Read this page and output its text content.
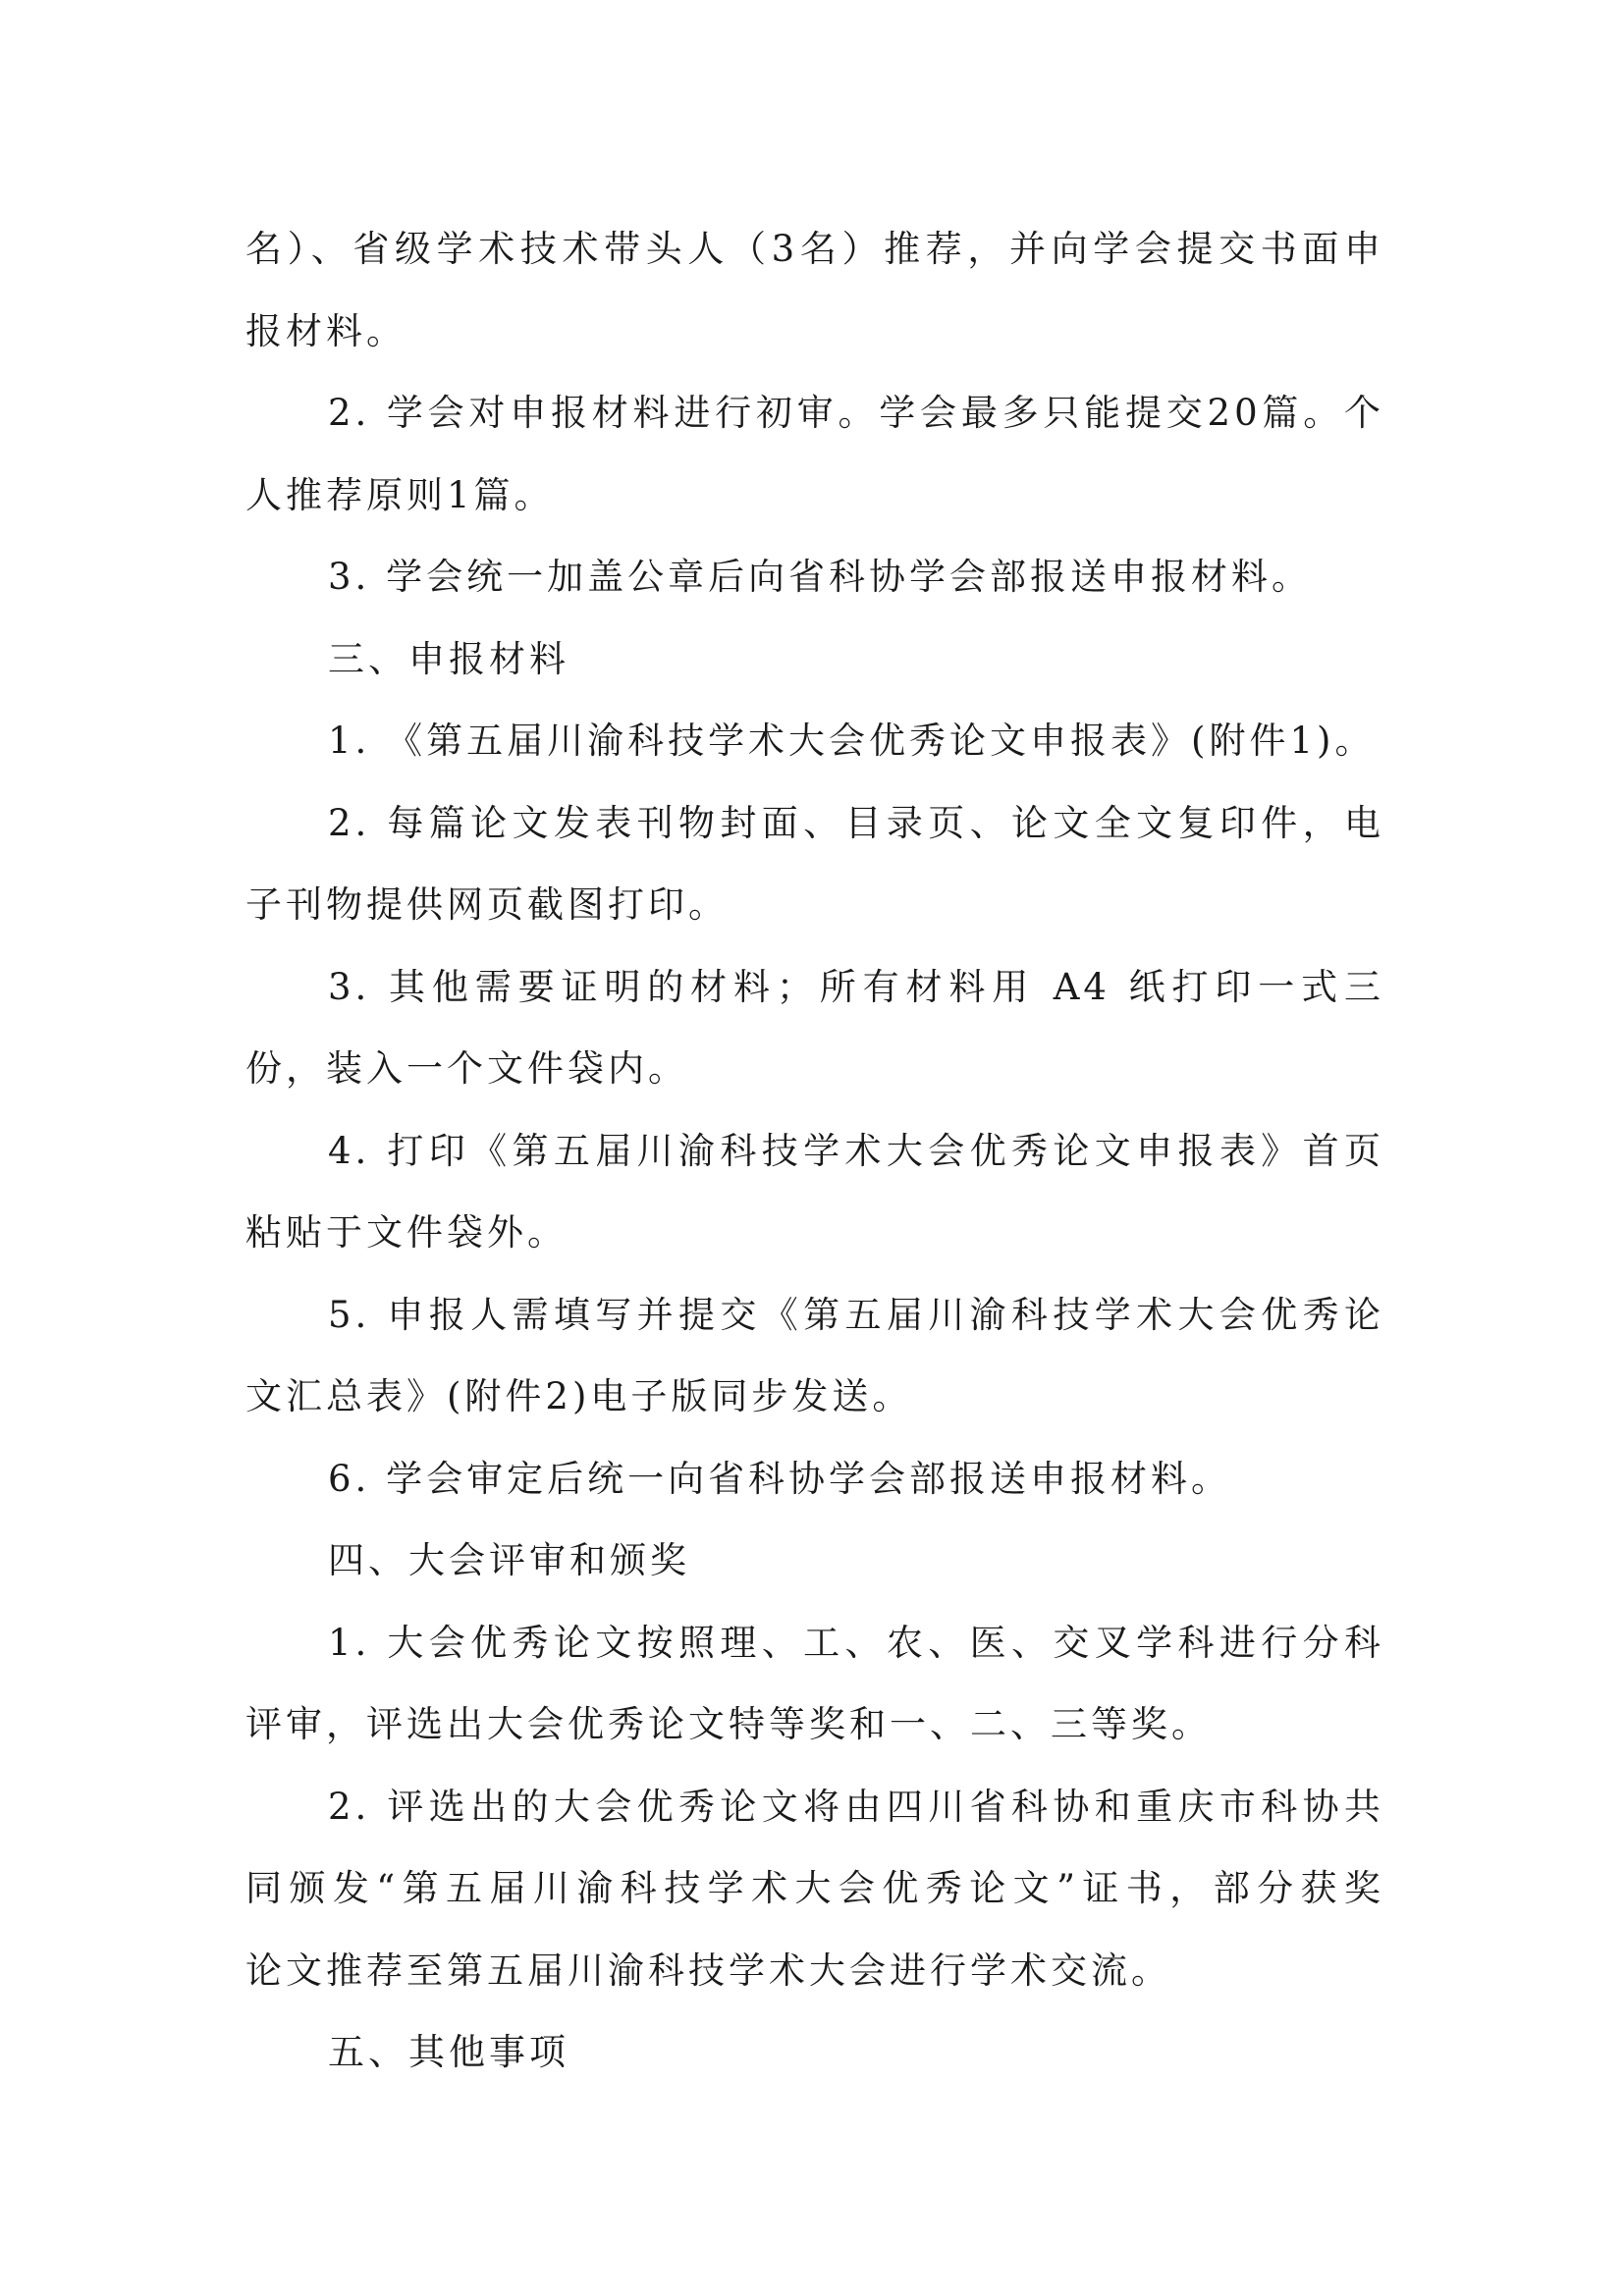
名）、省级学术技术带头人（3名）推荐，并向学会提交书面申
报材料。
2. 学会对申报材料进行初审。学会最多只能提交20篇。个
人推荐原则1篇。
3. 学会统一加盖公章后向省科协学会部报送申报材料。
三、申报材料
1. 《第五届川渝科技学术大会优秀论文申报表》(附件1)。
2. 每篇论文发表刊物封面、目录页、论文全文复印件，电
子刊物提供网页截图打印。
3. 其他需要证明的材料；所有材料用 A4 纸打印一式三
份，装入一个文件袋内。
4. 打印《第五届川渝科技学术大会优秀论文申报表》首页
粘贴于文件袋外。
5. 申报人需填写并提交《第五届川渝科技学术大会优秀论
文汇总表》(附件2)电子版同步发送。
6. 学会审定后统一向省科协学会部报送申报材料。
四、大会评审和颁奖
1. 大会优秀论文按照理、工、农、医、交叉学科进行分科
评审，评选出大会优秀论文特等奖和一、二、三等奖。
2. 评选出的大会优秀论文将由四川省科协和重庆市科协共
同颁发“第五届川渝科技学术大会优秀论文”证书，部分获奖
论文推荐至第五届川渝科技学术大会进行学术交流。
五、其他事项
